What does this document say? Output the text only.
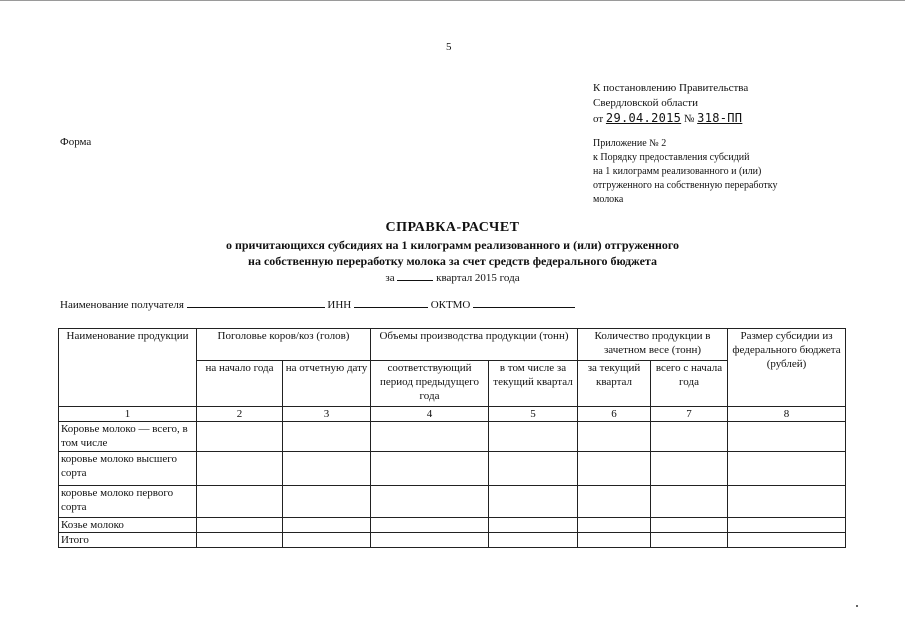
5
К постановлению Правительства
Свердловской области
от 29.04.2015 № 318-ПП
Форма	Приложение № 2
к Порядку предоставления субсидий
на 1 килограмм реализованного и (или)
отгруженного на собственную переработку
молока
СПРАВКА-РАСЧЕТ
о причитающихся субсидиях на 1 килограмм реализованного и (или) отгруженного
на собственную переработку молока за счет средств федерального бюджета
за	квартал 2015 года
Наименование получателя	ИНН	ОКТМО
Наименование продукции	Поголовье коров/коз (голов)		Объемы производства продукции (тонн)		Количество продукции в зачетном весе (тонн)		Размер субсидии из федерального бюджета (рублей)
	на начало года	на отчетную дату	соответствующий период предыдущего года	в том числе за текущий квартал	за текущий квартал	всего с начала года	
1	2	3	4	5	6	7	8
Коровье молоко — всего, в том числе							
коровье молоко высшего сорта							
коровье молоко первого сорта							
Козье молоко							
Итого							
